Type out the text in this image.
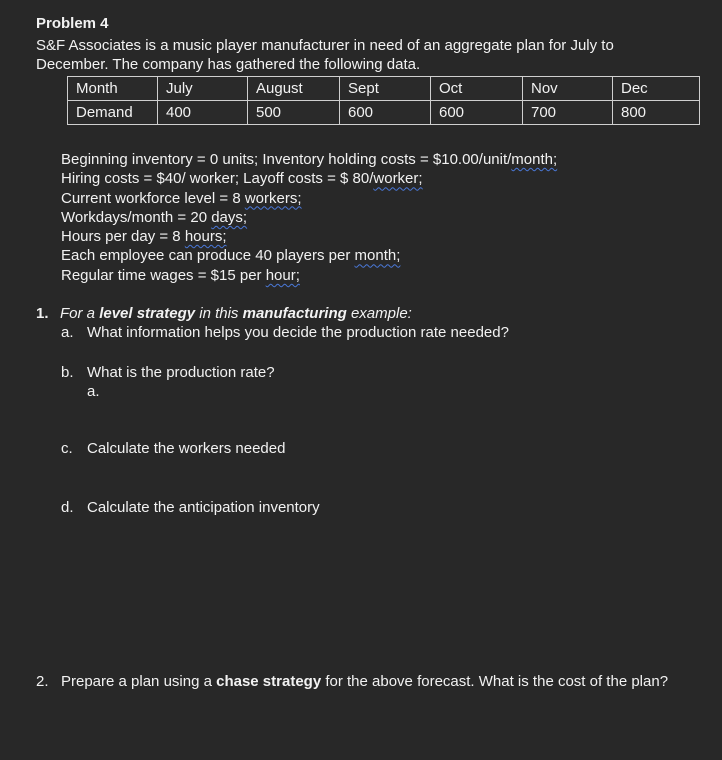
Problem 4
S&F Associates is a music player manufacturer in need of an aggregate plan for July to December. The company has gathered the following data.
Month	July	August	Sept	Oct	Nov	Dec
Demand	400	500	600	600	700	800
Beginning inventory = 0 units; Inventory holding costs = $10.00/unit/month;
Hiring costs = $40/ worker; Layoff costs = $ 80/worker;
Current workforce level = 8 workers;
Workdays/month = 20 days;
Hours per day = 8 hours;
Each employee can produce 40 players per month;
Regular time wages = $15 per hour;
1. For a level strategy in this manufacturing example:
a. What information helps you decide the production rate needed?
b. What is the production rate?
a.
c. Calculate the workers needed
d. Calculate the anticipation inventory
2. Prepare a plan using a chase strategy for the above forecast. What is the cost of the plan?
